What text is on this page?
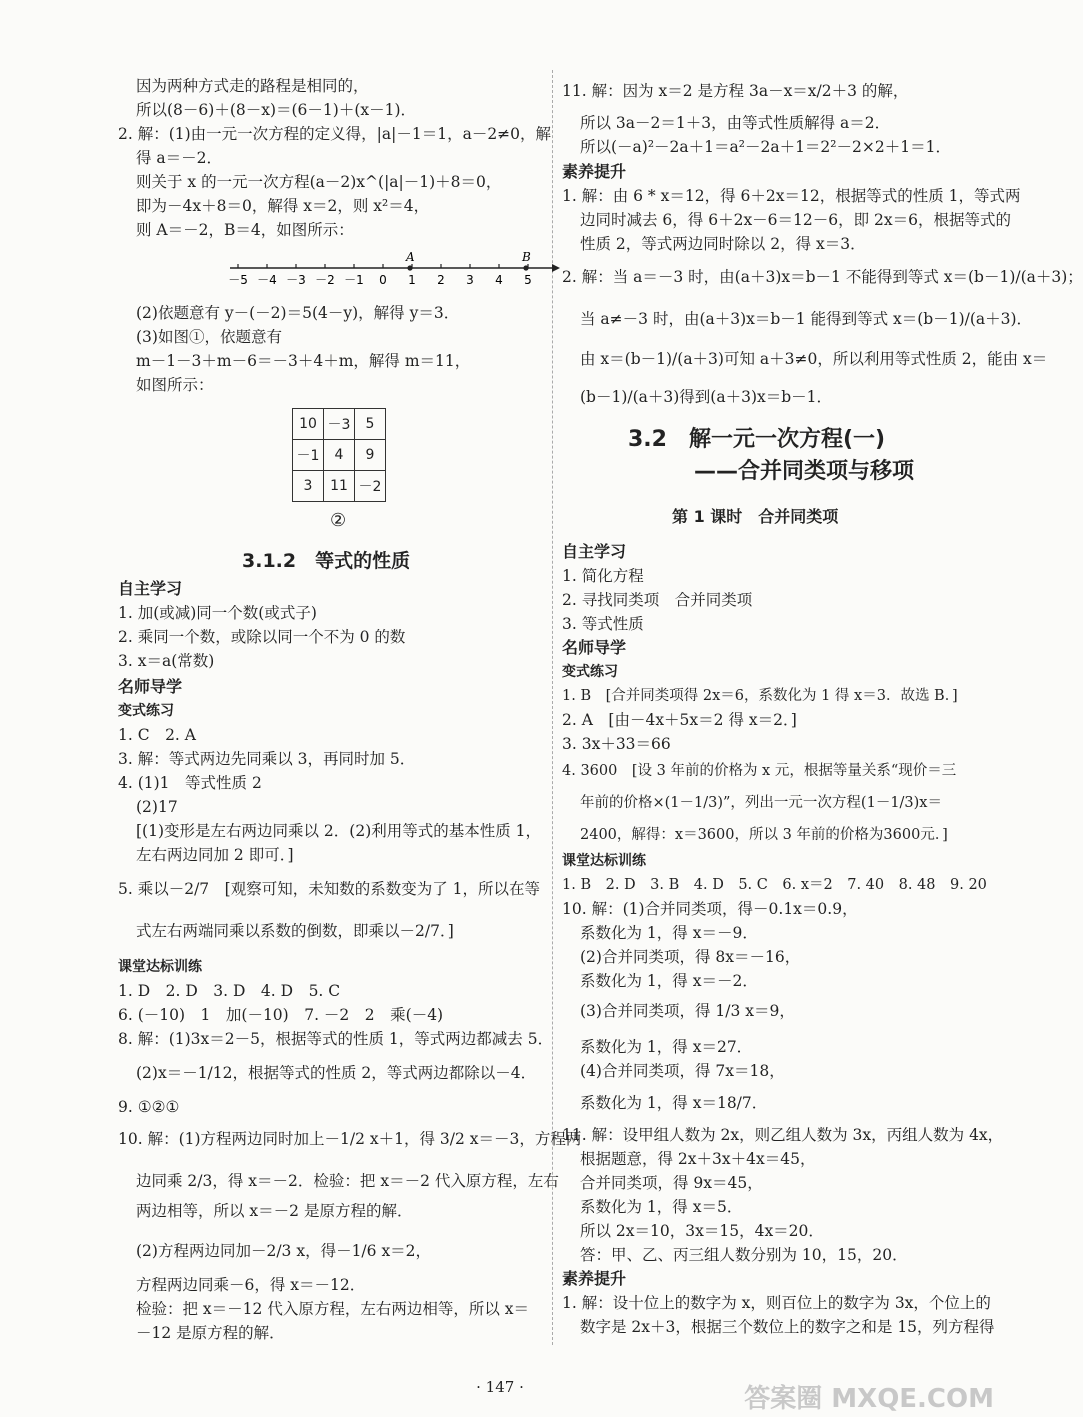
因为两种方式走的路程是相同的，
所以(8－6)＋(8－x)＝(6－1)＋(x－1)．
2. 解：(1)由一元一次方程的定义得，|a|－1＝1，a－2≠0，解
得 a＝－2．
则关于 x 的一元一次方程(a－2)x^(|a|－1)＋8＝0，
即为－4x＋8＝0，解得 x＝2，则 x²＝4，
则 A＝－2，B＝4，如图所示：
－5 －4 －3 －2 －1 0 1 2 3 4 5
A	B
(2)依题意有 y－(－2)＝5(4－y)，解得 y＝3．
(3)如图①，依题意有
m－1－3＋m－6＝－3＋4＋m，解得 m＝11，
如图所示：
10	－3	5
－1	4	9
3	11	－2
②
3.1.2　等式的性质
自主学习
1. 加(或减)同一个数(或式子)
2. 乘同一个数，或除以同一个不为 0 的数
3. x＝a(常数)
名师导学
变式练习
1. C　2. A
3. 解：等式两边先同乘以 3，再同时加 5．
4. (1)1　等式性质 2
(2)17
[(1)变形是左右两边同乘以 2．(2)利用等式的基本性质 1，
左右两边同加 2 即可．]
5. 乘以－2/7　[观察可知，未知数的系数变为了 1，所以在等
式左右两端同乘以系数的倒数，即乘以－2/7．]
课堂达标训练
1. D　2. D　3. D　4. D　5. C
6. (－10)　1　加(－10)　7. －2　2　乘(－4)
8. 解：(1)3x＝2－5，根据等式的性质 1，等式两边都减去 5．
(2)x＝－1/12，根据等式的性质 2，等式两边都除以－4．
9. ①②①
10. 解：(1)方程两边同时加上－1/2 x＋1，得 3/2 x＝－3，方程两
边同乘 2/3，得 x＝－2．检验：把 x＝－2 代入原方程，左右
两边相等，所以 x＝－2 是原方程的解．
(2)方程两边同加－2/3 x，得－1/6 x＝2，
方程两边同乘－6，得 x＝－12．
检验：把 x＝－12 代入原方程，左右两边相等，所以 x＝
－12 是原方程的解．
11. 解：因为 x＝2 是方程 3a－x＝x/2＋3 的解，
所以 3a－2＝1＋3，由等式性质解得 a＝2．
所以(－a)²－2a＋1＝a²－2a＋1＝2²－2×2＋1＝1．
素养提升
1. 解：由 6 * x＝12，得 6＋2x＝12，根据等式的性质 1，等式两
边同时减去 6，得 6＋2x－6＝12－6，即 2x＝6，根据等式的
性质 2，等式两边同时除以 2，得 x＝3．
2. 解：当 a＝－3 时，由(a＋3)x＝b－1 不能得到等式 x＝(b－1)/(a＋3)；
当 a≠－3 时，由(a＋3)x＝b－1 能得到等式 x＝(b－1)/(a＋3)．
由 x＝(b－1)/(a＋3)可知 a＋3≠0，所以利用等式性质 2，能由 x＝
(b－1)/(a＋3)得到(a＋3)x＝b－1．
3.2　解一元一次方程(一)
——合并同类项与移项
第 1 课时　合并同类项
自主学习
1. 简化方程
2. 寻找同类项　合并同类项
3. 等式性质
名师导学
变式练习
1. B　[合并同类项得 2x＝6，系数化为 1 得 x＝3．故选 B．]
2. A　[由－4x＋5x＝2 得 x＝2．]
3. 3x＋33＝66
4. 3600　[设 3 年前的价格为 x 元，根据等量关系“现价＝三
年前的价格×(1－1/3)”，列出一元一次方程(1－1/3)x＝
2400，解得：x＝3600，所以 3 年前的价格为3600元．]
课堂达标训练
1. B　2. D　3. B　4. D　5. C　6. x＝2　7. 40　8. 48　9. 20
10. 解：(1)合并同类项，得－0.1x＝0.9，
系数化为 1，得 x＝－9．
(2)合并同类项，得 8x＝－16，
系数化为 1，得 x＝－2．
(3)合并同类项，得 1/3 x＝9，
系数化为 1，得 x＝27．
(4)合并同类项，得 7x＝18，
系数化为 1，得 x＝18/7．
11. 解：设甲组人数为 2x，则乙组人数为 3x，丙组人数为 4x，
根据题意，得 2x＋3x＋4x＝45，
合并同类项，得 9x＝45，
系数化为 1，得 x＝5．
所以 2x＝10，3x＝15，4x＝20．
答：甲、乙、丙三组人数分别为 10，15，20．
素养提升
1. 解：设十位上的数字为 x，则百位上的数字为 3x，个位上的
数字是 2x＋3，根据三个数位上的数字之和是 15，列方程得
· 147 ·	答案圈 MXQE.COM
